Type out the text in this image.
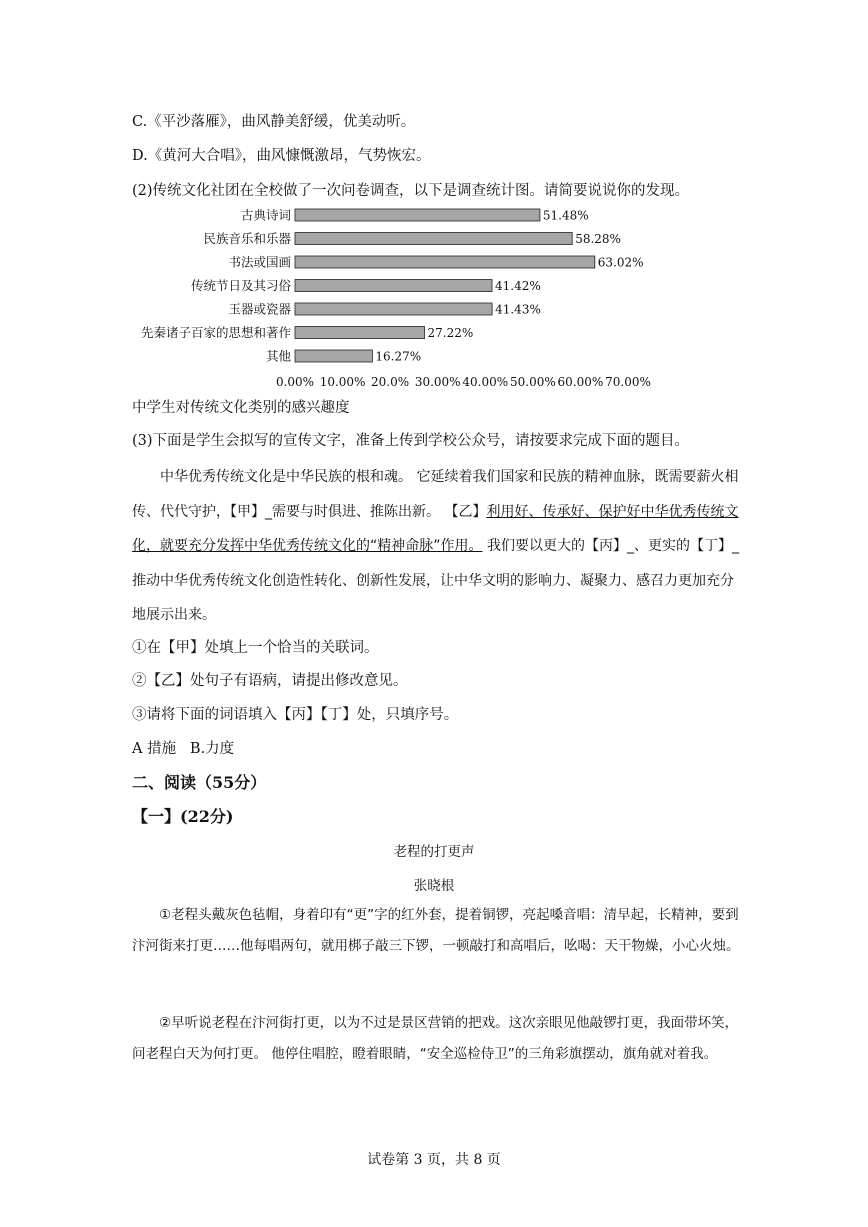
C.《平沙落雁》，曲风静美舒缓，优美动听。
D.《黄河大合唱》，曲风慷慨激昂，气势恢宏。
(2)传统文化社团在全校做了一次问卷调查，以下是调查统计图。请简要说说你的发现。
古典诗词	51.48%
民族音乐和乐器	58.28%
书法或国画	63.02%
传统节日及其习俗	41.42%
玉器或瓷器	41.43%
先秦诸子百家的思想和著作	27.22%
其他	16.27%
0.00% 10.00% 20.0% 30.00% 40.00% 50.00% 60.00% 70.00%
中学生对传统文化类别的感兴趣度
(3)下面是学生会拟写的宣传文字，准备上传到学校公众号，请按要求完成下面的题目。
中华优秀传统文化是中华民族的根和魂。 它延续着我们国家和民族的精神血脉，既需要薪火相传、代代守护，【甲】_需要与时俱进、推陈出新。 【乙】利用好、传承好、保护好中华优秀传统文化，就要充分发挥中华优秀传统文化的“精神命脉”作用。 我们要以更大的【丙】_、更实的【丁】_推动中华优秀传统文化创造性转化、创新性发展，让中华文明的影响力、凝聚力、感召力更加充分地展示出来。
①在【甲】处填上一个恰当的关联词。
②【乙】处句子有语病，请提出修改意见。
③请将下面的词语填入【丙】【丁】处，只填序号。
A 措施   B.力度
二、阅读（55分）
【一】(22分)
老程的打更声
张晓根
①老程头戴灰色毡帽，身着印有“更”字的红外套，提着铜锣，亮起嗓音唱：清早起，长精神，要到汴河街来打更……他每唱两句，就用梆子敲三下锣，一顿敲打和高唱后，吆喝：天干物燥，小心火烛。
②早听说老程在汴河街打更，以为不过是景区营销的把戏。这次亲眼见他敲锣打更，我面带坏笑，问老程白天为何打更。 他停住唱腔，瞪着眼睛，“安全巡检侍卫”的三角彩旗摆动，旗角就对着我。
试卷第 3 页，共 8 页
